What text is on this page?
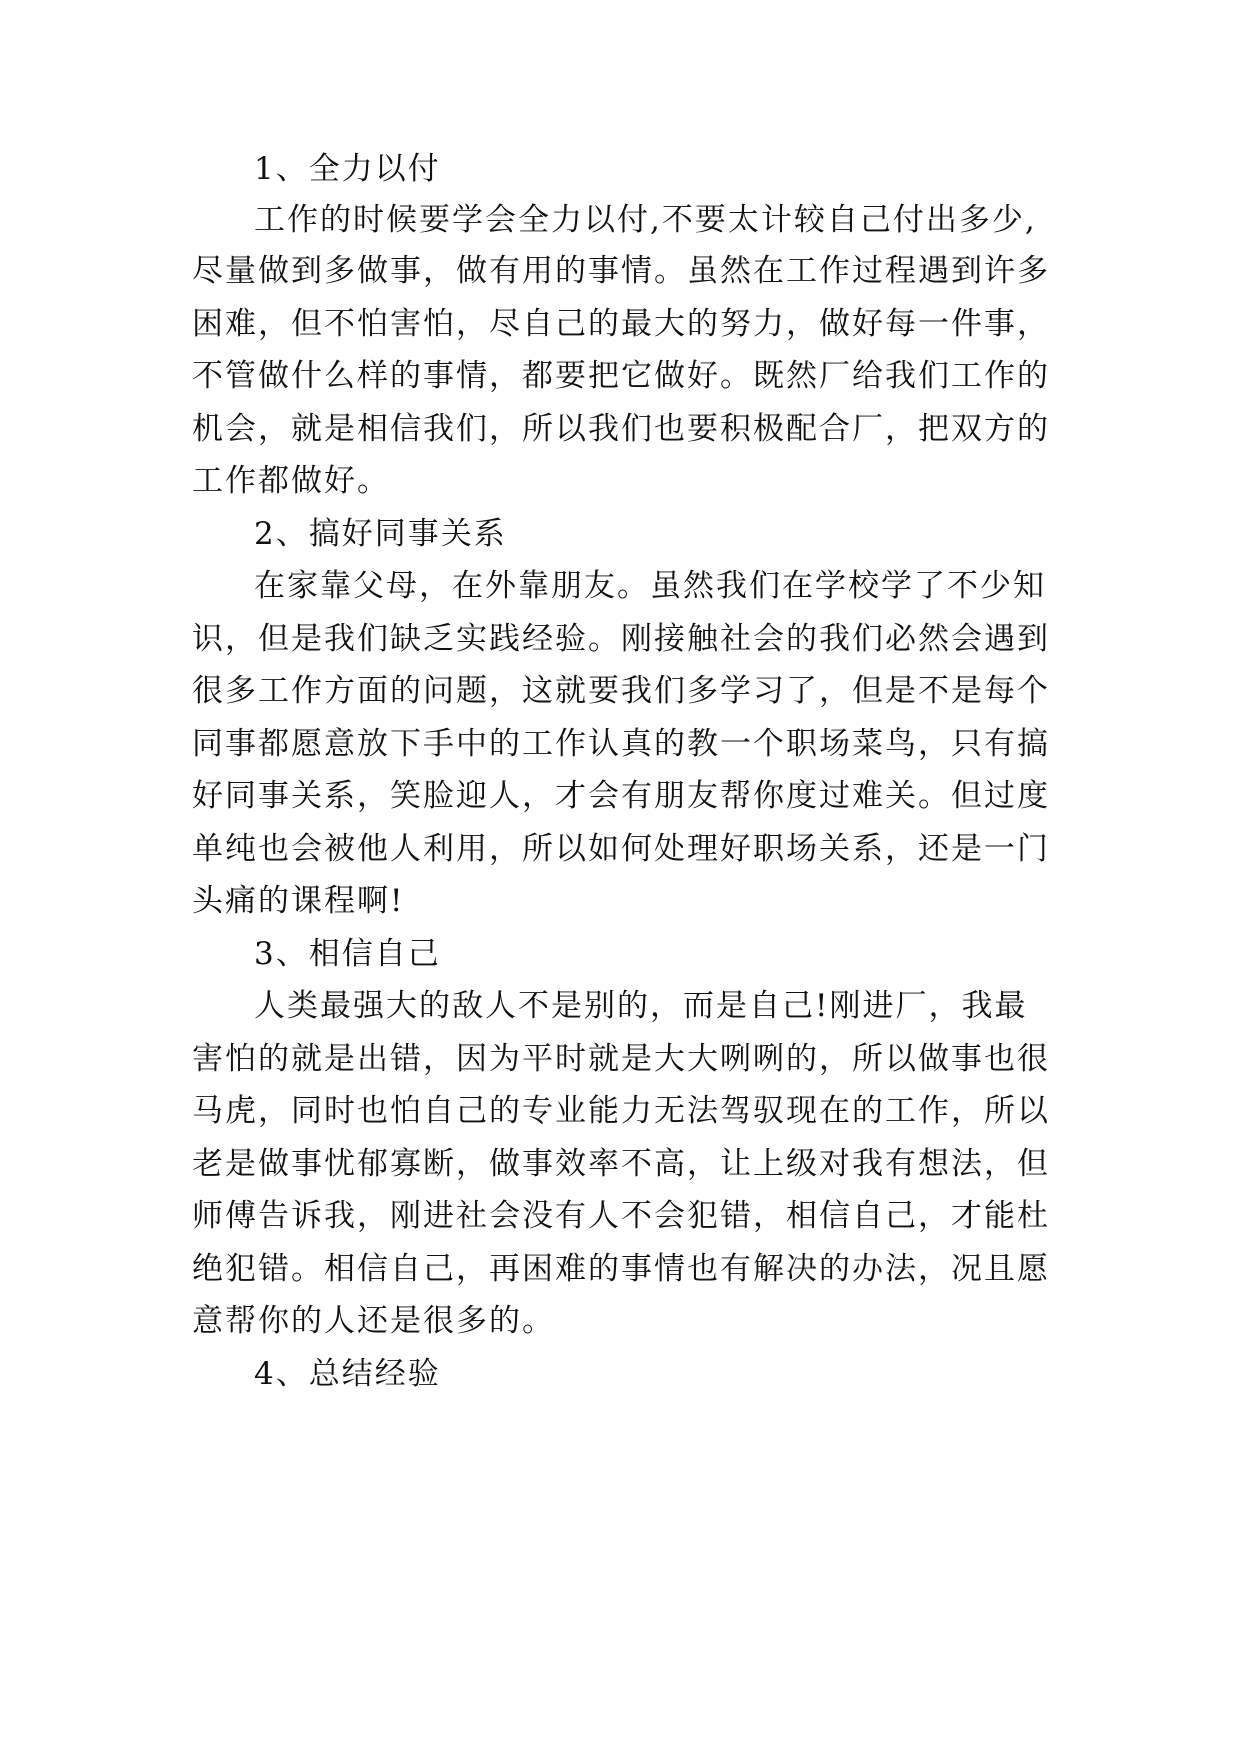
1、全力以付
工作的时候要学会全力以付,不要太计较自己付出多少,
尽量做到多做事，做有用的事情。虽然在工作过程遇到许多
困难，但不怕害怕，尽自己的最大的努力，做好每一件事，
不管做什么样的事情，都要把它做好。既然厂给我们工作的
机会，就是相信我们，所以我们也要积极配合厂，把双方的
工作都做好。
2、搞好同事关系
在家靠父母，在外靠朋友。虽然我们在学校学了不少知
识，但是我们缺乏实践经验。刚接触社会的我们必然会遇到
很多工作方面的问题，这就要我们多学习了，但是不是每个
同事都愿意放下手中的工作认真的教一个职场菜鸟，只有搞
好同事关系，笑脸迎人，才会有朋友帮你度过难关。但过度
单纯也会被他人利用，所以如何处理好职场关系，还是一门
头痛的课程啊!
3、相信自己
人类最强大的敌人不是别的，而是自己!刚进厂，我最
害怕的就是出错，因为平时就是大大咧咧的，所以做事也很
马虎，同时也怕自己的专业能力无法驾驭现在的工作，所以
老是做事忧郁寡断，做事效率不高，让上级对我有想法，但
师傅告诉我，刚进社会没有人不会犯错，相信自己，才能杜
绝犯错。相信自己，再困难的事情也有解决的办法，况且愿
意帮你的人还是很多的。
4、总结经验
